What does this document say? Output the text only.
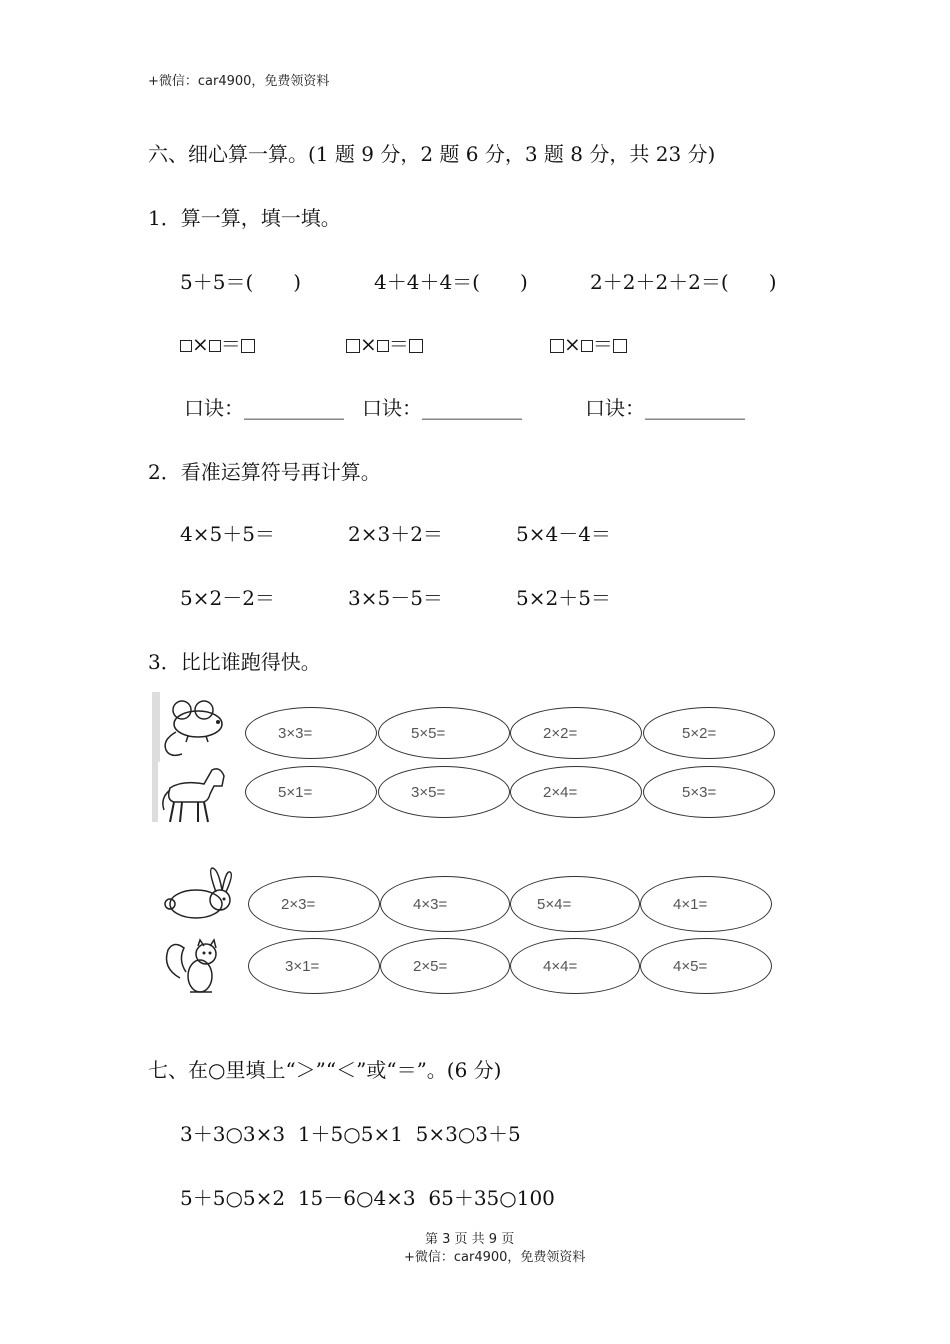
+微信：car4900，免费领资料
六、细心算一算。(1 题 9 分，2 题 6 分，3 题 8 分，共 23 分)
1．算一算，填一填。
5＋5＝(　　)	4＋4＋4＝(　　)	2＋2＋2＋2＝(　　)
× ＝	× ＝	× ＝
口诀：__________ 口诀：__________	口诀：__________
2．看准运算符号再计算。
4×5＋5＝	2×3＋2＝	5×4－4＝
5×2－2＝	3×5－5＝	5×2＋5＝
3．比比谁跑得快。
3×3=	5×5=	2×2=	5×2=
5×1=	3×5=	2×4=	5×3=
2×3=	4×3=	5×4=	4×1=
3×1=	2×5=	4×4=	4×5=
七、在○里填上“＞”“＜”或“＝”。(6 分)
3＋3○3×3  1＋5○5×1  5×3○3＋5
5＋5○5×2  15－6○4×3  65＋35○100
第 3 页 共 9 页
+微信：car4900，免费领资料
